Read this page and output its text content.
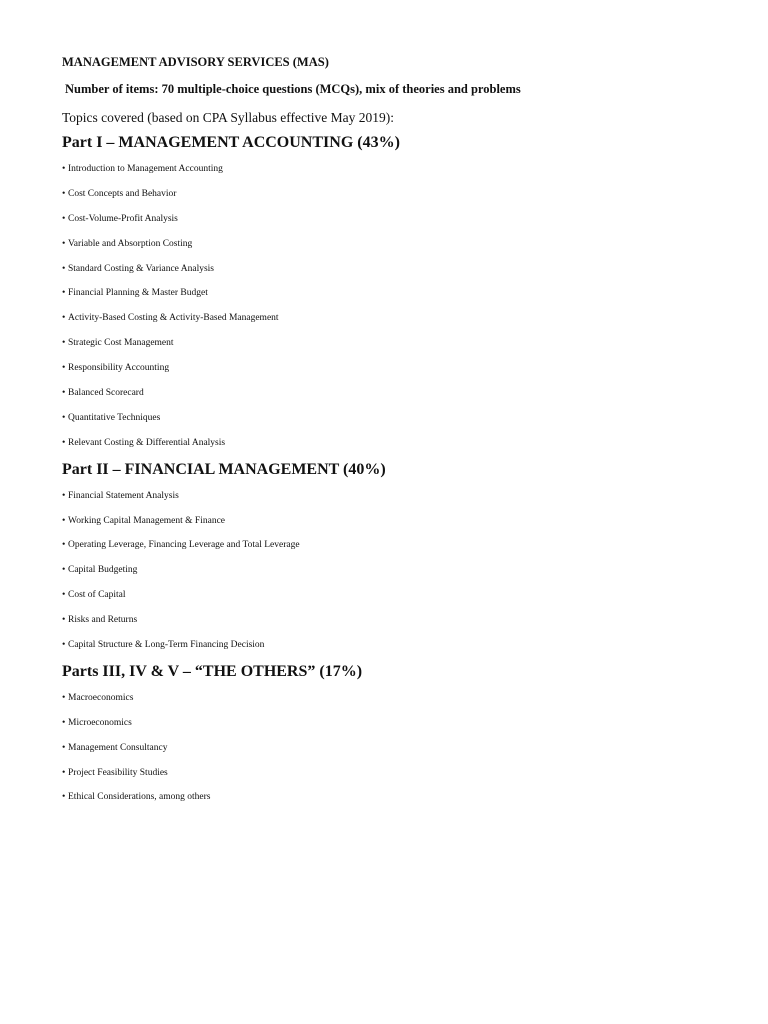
MANAGEMENT ADVISORY SERVICES (MAS)
Number of items: 70 multiple-choice questions (MCQs), mix of theories and problems
Topics covered (based on CPA Syllabus effective May 2019):
Part I – MANAGEMENT ACCOUNTING (43%)
• Introduction to Management Accounting
• Cost Concepts and Behavior
• Cost-Volume-Profit Analysis
• Variable and Absorption Costing
• Standard Costing & Variance Analysis
• Financial Planning & Master Budget
• Activity-Based Costing & Activity-Based Management
• Strategic Cost Management
• Responsibility Accounting
• Balanced Scorecard
• Quantitative Techniques
• Relevant Costing & Differential Analysis
Part II – FINANCIAL MANAGEMENT (40%)
• Financial Statement Analysis
• Working Capital Management & Finance
• Operating Leverage, Financing Leverage and Total Leverage
• Capital Budgeting
• Cost of Capital
• Risks and Returns
• Capital Structure & Long-Term Financing Decision
Parts III, IV & V – “THE OTHERS” (17%)
• Macroeconomics
• Microeconomics
• Management Consultancy
• Project Feasibility Studies
• Ethical Considerations, among others
